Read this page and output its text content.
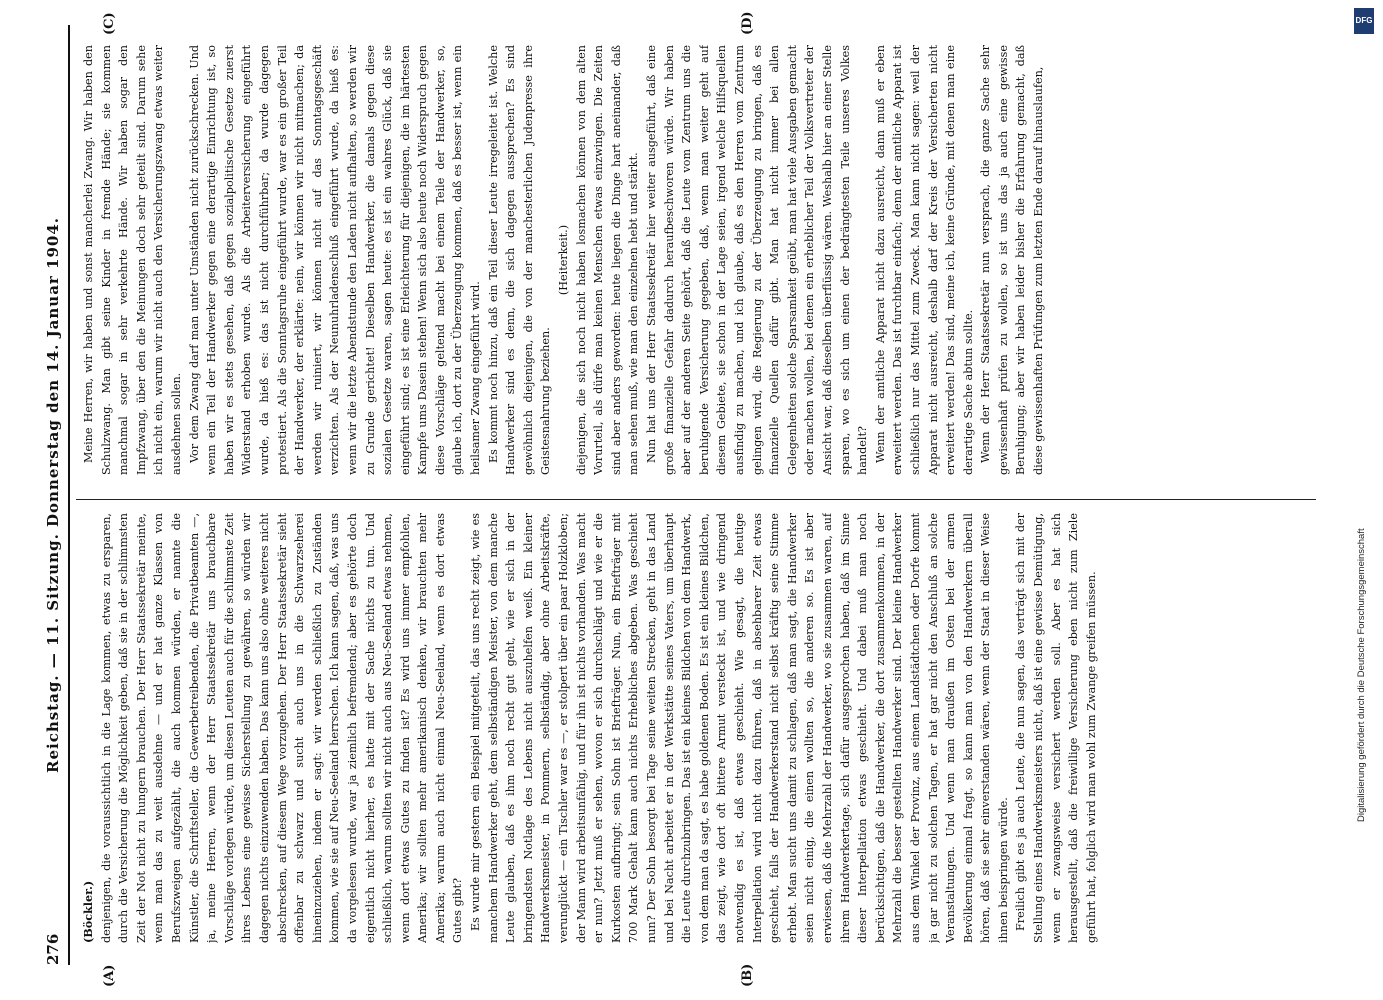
276
Reichstag. — 11. Sitzung. Donnerstag den 14. Januar 1904.
(A)	(B)
(C)	(D)

(Böckler.) denjenigen, die voraussichtlich in die Lage kommen, etwas zu ersparen, durch die Versicherung die Möglichkeit geben, daß sie in der schlimmsten Zeit der Not nicht zu hungern brauchen. Der Herr Staatssekretär meinte, wenn man das zu weit ausdehne — und er hat ganze Klassen von Berufszweigen aufgezählt, die auch kommen würden, er nannte die Künstler, die Schriftsteller, die Gewerbetreibenden, die Privatbeamten —, ja, meine Herren, wenn der Herr Staatssekretär uns brauchbare Vorschläge vorlegen würde, um diesen Leuten auch für die schlimmste Zeit ihres Lebens eine gewisse Sicherstellung zu gewähren, so würden wir dagegen nichts einzuwenden haben. Das kann uns also ohne weiteres nicht abschrecken, auf diesem Wege vorzugehen. Der Herr Staatssekretär sieht offenbar zu schwarz und sucht auch uns in die Schwarzseherei hineinzuziehen, indem er sagt: wir werden schließlich zu Zuständen kommen, wie sie auf Neu-Seeland herrschen. Ich kann sagen, daß, was uns da vorgelesen wurde, war ja ziemlich befremdend; aber es gehörte doch eigentlich nicht hierher, es hatte mit der Sache nichts zu tun. Und schließlich, warum sollten wir nicht auch aus Neu-Seeland etwas nehmen, wenn dort etwas Gutes zu finden ist? Es wird uns immer empfohlen, Amerika; wir sollten mehr amerikanisch denken, wir brauchten mehr Amerika; warum auch nicht einmal Neu-Seeland, wenn es dort etwas Gutes gibt? Es wurde mir gestern ein Beispiel mitgeteilt, das uns recht zeigt, wie es manchem Handwerker geht, dem selbständigen Meister, von dem manche Leute glauben, daß es ihm noch recht gut geht, wie er sich in der bringendsten Notlage des Lebens nicht auszuhelfen weiß. Ein kleiner Handwerksmeister, in Pommern, selbständig, aber ohne Arbeitskräfte, verunglückt — ein Tischler war es —, er stolpert über ein paar Holzkloben; der Mann wird arbeitsunfähig, und für ihn ist nichts vorhanden. Was macht er nun? Jetzt muß er sehen, wovon er sich durchschlägt und wie er die Kurkosten aufbringt; sein Sohn ist Briefträger. Nun, ein Briefträger mit 700 Mark Gehalt kann auch nichts Erhebliches abgeben. Was geschieht nun? Der Sohn besorgt bei Tage seine weiten Strecken, geht in das Land und bei Nacht arbeitet er in der Werkstätte seines Vaters, um überhaupt die Leute durchzubringen. Das ist ein kleines Bildchen von dem Handwerk, von dem man da sagt, es habe goldenen Boden. Es ist ein kleines Bildchen, das zeigt, wie dort oft bittere Armut versteckt ist, und wie dringend notwendig es ist, daß etwas geschieht. Wie gesagt, die heutige Interpellation wird nicht dazu führen, daß in absehbarer Zeit etwas geschieht, falls der Handwerkerstand nicht selbst kräftig seine Stimme erhebt. Man sucht uns damit zu schlagen, daß man sagt, die Handwerker seien nicht einig, die einen wollten so, die anderen so. Es ist aber erwiesen, daß die Mehrzahl der Handwerker, wo sie zusammen waren, auf ihrem Handwerkertage, sich dafür ausgesprochen haben, daß im Sinne dieser Interpellation etwas geschieht. Und dabei muß man noch berücksichtigen, daß die Handwerker, die dort zusammenkommen, in der Mehrzahl die besser gestellten Handwerker sind. Der kleine Handwerker aus dem Winkel der Provinz, aus einem Landstädtchen oder Dorfe kommt ja gar nicht zu solchen Tagen, er hat gar nicht den Anschluß an solche Veranstaltungen. Und wenn man draußen im Osten bei der armen Bevölkerung einmal fragt, so kann man von den Handwerkern überall hören, daß sie sehr einverstanden wären, wenn der Staat in dieser Weise ihnen beispringen würde. Freilich gibt es ja auch Leute, die nun sagen, das verträgt sich mit der Stellung eines Handwerksmeisters nicht, daß ist eine gewisse Demütigung, wenn er zwangsweise versichert werden soll. Aber es hat sich herausgestellt, daß die freiwillige Versicherung eben nicht zum Ziele geführt hat, folglich wird man wohl zum Zwange greifen müssen.

Meine Herren, wir haben und sonst mancherlei Zwang. Wir haben den Schulzwang. Man gibt seine Kinder in fremde Hände; sie kommen manchmal sogar in sehr verkehrte Hände. Wir haben sogar den Impfzwang, über den die Meinungen doch sehr geteilt sind. Darum sehe ich nicht ein, warum wir nicht auch den Versicherungszwang etwas weiter ausdehnen sollen. Vor dem Zwang darf man unter Umständen nicht zurückschrecken. Und wenn ein Teil der Handwerker gegen eine derartige Einrichtung ist, so haben wir es stets gesehen, daß gegen sozialpolitische Gesetze zuerst Widerstand erhoben wurde. Als die Arbeiterversicherung eingeführt wurde, da hieß es: das ist nicht durchführbar; da wurde dagegen protestiert. Als die Sonntagsruhe eingeführt wurde, war es ein großer Teil der Handwerker, der erklärte: nein, wir können wir nicht mitmachen; da werden wir ruiniert, wir können nicht auf das Sonntagsgeschäft verzichten. Als der Neunuhrladenschluß eingeführt wurde, da hieß es: wenn wir die letzte Abendstunde den Laden nicht aufhalten, so werden wir zu Grunde gerichtet! Dieselben Handwerker, die damals gegen diese sozialen Gesetze waren, sagen heute: es ist ein wahres Glück, daß sie eingeführt sind; es ist eine Erleichterung für diejenigen, die im härtesten Kampfe ums Dasein stehen! Wenn sich also heute noch Widerspruch gegen diese Vorschläge geltend macht bei einem Teile der Handwerker, so, glaube ich, dort zu der Überzeugung kommen, daß es besser ist, wenn ein heilsamer Zwang eingeführt wird. Es kommt noch hinzu, daß ein Teil dieser Leute irregeleitet ist. Welche Handwerker sind es denn, die sich dagegen aussprechen? Es sind gewöhnlich diejenigen, die von der manchesterlichen Judenpresse ihre Geistesnahrung beziehen.

(Heiterkeit.) diejenigen, die sich noch nicht haben losmachen können von dem alten Vorurteil, als dürfe man keinen Menschen etwas einzwingen. Die Zeiten sind aber anders geworden: heute liegen die Dinge hart aneinander, daß man sehen muß, wie man den einzelnen hebt und stärkt. Nun hat uns der Herr Staatssekretär hier weiter ausgeführt, daß eine große finanzielle Gefahr dadurch heraufbeschworen würde. Wir haben aber auf der anderen Seite gehört, daß die Leute vom Zentrum uns die beruhigende Versicherung gegeben, daß, wenn man weiter geht auf diesem Gebiete, sie schon in der Lage seien, irgend welche Hilfsquellen ausfindig zu machen, und ich glaube, daß es den Herren vom Zentrum gelingen wird, die Regierung zu der Überzeugung zu bringen, daß es finanzielle Quellen dafür gibt. Man hat nicht immer bei allen Gelegenheiten solche Sparsamkeit geübt, man hat viele Ausgaben gemacht oder machen wollen, bei denen ein erheblicher Teil der Volksvertreter der Ansicht war, daß dieselben überflüssig wären. Weshalb hier an einer Stelle sparen, wo es sich um einen der bedrängtesten Teile unseres Volkes handelt? Wenn der amtliche Apparat nicht dazu ausreicht, dann muß er eben erweitert werden. Das ist furchtbar einfach; denn der amtliche Apparat ist schließlich nur das Mittel zum Zweck. Man kann nicht sagen: weil der Apparat nicht ausreicht, deshalb darf der Kreis der Versicherten nicht erweitert werden! Das sind, meine ich, keine Gründe, mit denen man eine derartige Sache abtun sollte. Wenn der Herr Staatssekretär nun versprach, die ganze Sache sehr gewissenhaft prüfen zu wollen, so ist uns das ja auch eine gewisse Beruhigung; aber wir haben leider bisher die Erfahrung gemacht, daß diese gewissenhaften Prüfungen zum letzten Ende darauf hinauslaufen,

DFG
Digitalisierung gefördert durch die Deutsche Forschungsgemeinschaft
